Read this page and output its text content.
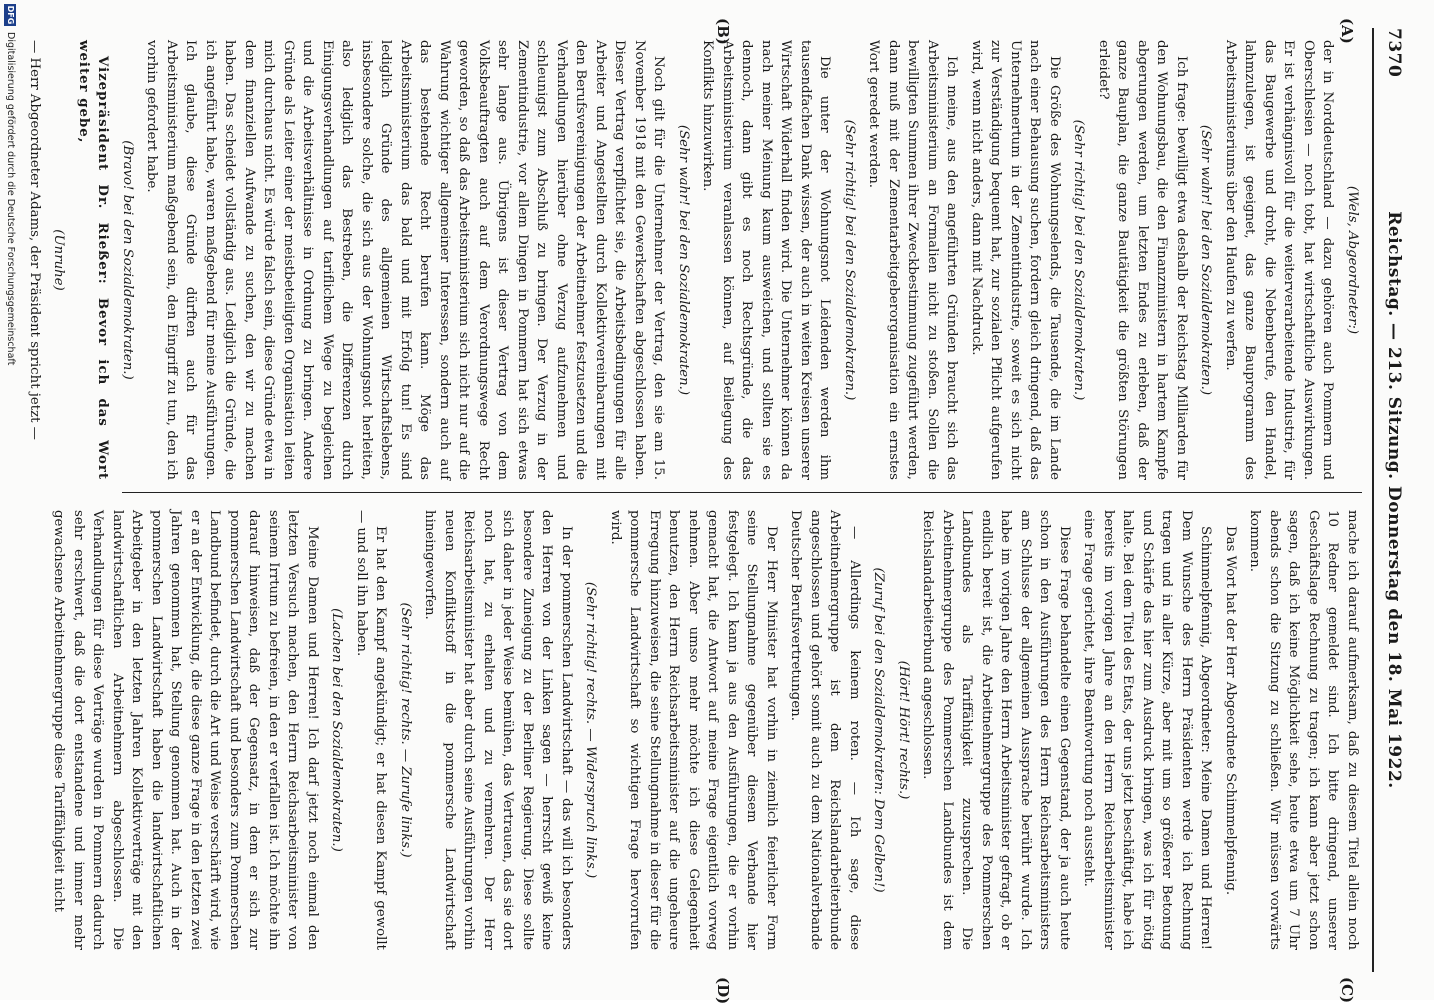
7370
Reichstag. — 213. Sitzung. Donnerstag den 18. Mai 1922.
(A)
(B)
(C)
(D)

(Wels, Abgeordneter:)

der in Norddeutschland — dazu gehören auch Pommern und Oberschlesien — noch tobt, hat wirtschaftliche Auswirkungen. Er ist verhängnisvoll für die weiterverarbeitende Industrie, für das Baugewerbe und droht, die Nebenberufe, den Handel, lahmzulegen, ist geeignet, das ganze Bauprogramm des Arbeitsministeriums über den Haufen zu werfen.

(Sehr wahr! bei den Sozialdemokraten.)

Ich frage: bewilligt etwa deshalb der Reichstag Milliarden für den Wohnungsbau, die den Finanzministern in hartem Kampfe abgerungen werden, um letzten Endes zu erleben, daß der ganze Bauplan, die ganze Bautätigkeit die größten Störungen erleidet?

(Sehr richtig! bei den Sozialdemokraten.)

Die Größe des Wohnungselends, die Tausende, die im Lande nach einer Behausung suchen, fordern gleich dringend, daß das Unternehmertum in der Zementindustrie, soweit es sich nicht zur Verständigung bequemt hat, zur sozialen Pflicht aufgerufen wird, wenn nicht anders, dann mit Nachdruck.

Ich meine, aus den angeführten Gründen braucht sich das Arbeitsministerium an Formalien nicht zu stoßen. Sollen die bewilligten Summen ihrer Zweckbestimmung zugeführt werden, dann muß mit der Zementarbeitgeberorganisation ein ernstes Wort geredet werden.

(Sehr richtig! bei den Sozialdemokraten.)

Die unter der Wohnungsnot Leidenden werden ihm tausendfachen Dank wissen, der auch in weiten Kreisen unserer Wirtschaft Widerhall finden wird. Die Unternehmer können da nach meiner Meinung kaum ausweichen, und sollten sie es dennoch, dann gibt es noch Rechtsgründe, die das Arbeitsministerium veranlassen können, auf Beilegung des Konflikts hinzuwirken.

(Sehr wahr! bei den Sozialdemokraten.)

Noch gilt für die Unternehmer der Vertrag, den sie am 15. November 1918 mit den Gewerkschaften abgeschlossen haben. Dieser Vertrag verpflichtet sie, die Arbeitsbedingungen für alle Arbeiter und Angestellten durch Kollektivvereinbarungen mit den Berufsvereinigungen der Arbeitnehmer festzusetzen und die Verhandlungen hierüber ohne Verzug aufzunehmen und schleunigst zum Abschluß zu bringen. Der Verzug in der Zementindustrie, vor allem Dingen in Pommern hat sich etwas sehr lange aus. Übrigens ist dieser Vertrag von dem Volksbeauftragten auch auf dem Verordnungswege Recht geworden, so daß das Arbeitsministerium sich nicht nur auf die Wahrung wichtiger allgemeiner Interessen, sondern auch auf das bestehende Recht berufen kann. Möge das Arbeitsministerium das bald und mit Erfolg tun! Es sind lediglich Gründe des allgemeinen Wirtschaftslebens, insbesondere solche, die sich aus der Wohnungsnot herleiten, also lediglich das Bestreben, die Differenzen durch Einigungsverhandlungen auf tariflichem Wege zu begleichen und die Arbeitsverhältnisse in Ordnung zu bringen. Andere Gründe als Leiter einer der meistbeteiligten Organisation leiten mich durchaus nicht. Es würde falsch sein, diese Gründe etwa in dem finanziellen Aufwande zu suchen, den wir zu machen haben. Das scheidet vollständig aus. Lediglich die Gründe, die ich angeführt habe, waren maßgebend für meine Ausführungen. Ich glaube, diese Gründe dürften auch für das Arbeitsministerium maßgebend sein, den Eingriff zu tun, den ich vorhin gefordert habe.

(Bravo! bei den Sozialdemokraten.)

Vizepräsident Dr. Rießer: Bevor ich das Wort weiter gebe,

(Unruhe)

— Herr Abgeordneter Adams, der Präsident spricht jetzt —

mache ich darauf aufmerksam, daß zu diesem Titel allein noch 10 Redner gemeldet sind. Ich bitte dringend, unserer Geschäftslage Rechnung zu tragen; ich kann aber jetzt schon sagen, daß ich keine Möglichkeit sehe, heute etwa um 7 Uhr abends schon die Sitzung zu schließen. Wir müssen vorwärts kommen.

Das Wort hat der Herr Abgeordnete Schimmelpfennig.

Schimmelpfennig, Abgeordneter: Meine Damen und Herren! Dem Wunsche des Herrn Präsidenten werde ich Rechnung tragen und in aller Kürze, aber mit um so größerer Betonung und Schärfe das hier zum Ausdruck bringen, was ich für nötig halte. Bei dem Titel des Etats, der uns jetzt beschäftigt, habe ich bereits im vorigen Jahre an den Herrn Reichsarbeitsminister eine Frage gerichtet, ihre Beantwortung noch aussteht.

Diese Frage behandelte einen Gegenstand, der ja auch heute schon in den Ausführungen des Herrn Reichsarbeitsministers am Schlusse der allgemeinen Aussprache berührt wurde. Ich habe im vorigen Jahre den Herrn Arbeitsminister gefragt, ob er endlich bereit ist, die Arbeitnehmergruppe des Pommerschen Landbundes als Tariffähigkeit zuzusprechen. Die Arbeitnehmergruppe des Pommerschen Landbundes ist dem Reichslandarbeiterbund angeschlossen.

(Hört! Hört! rechts.)

(Zuruf bei den Sozialdemokraten: Dem Gelben!)

— Allerdings keinem roten. — Ich sage, diese Arbeitnehmergruppe ist dem Reichslandarbeiterbunde angeschlossen und gehört somit auch zu dem Nationalverbande Deutscher Berufsvertretungen.

Der Herr Minister hat vorhin in ziemlich feierlicher Form seine Stellungnahme gegenüber diesem Verbande hier festgelegt. Ich kann ja aus den Ausführungen, die er vorhin gemacht hat, die Antwort auf meine Frage eigentlich vorweg nehmen. Aber umso mehr möchte ich diese Gelegenheit benutzen, den Herrn Reichsarbeitsminister auf die ungeheure Erregung hinzuweisen, die seine Stellungnahme in dieser für die pommersche Landwirtschaft so wichtigen Frage hervorrufen wird.

(Sehr richtig! rechts. — Widerspruch links.)

In der pommerschen Landwirtschaft — das will ich besonders den Herren von der Linken sagen — herrscht gewiß keine besondere Zuneigung zu der Berliner Regierung. Diese sollte sich daher in jeder Weise bemühen, das Vertrauen, das sie dort noch hat, zu erhalten und zu vermehren. Der Herr Reichsarbeitsminister hat aber durch seine Ausführungen vorhin neuen Konfliktstoff in die pommersche Landwirtschaft hineingeworfen.

(Sehr richtig! rechts. — Zurufe links.)

Er hat den Kampf angekündigt; er hat diesen Kampf gewollt — und soll ihn haben.

(Lachen bei den Sozialdemokraten.)

Meine Damen und Herren! Ich darf jetzt noch einmal den letzten Versuch machen, den Herrn Reichsarbeitsminister von seinem Irrtum zu befreien, in den er verfallen ist. Ich möchte ihn darauf hinweisen, daß der Gegensatz, in dem er sich zur pommerschen Landwirtschaft und besonders zum Pommerschen Landbund befindet, durch die Art und Weise verschärft wird, wie er an der Entwicklung, die diese ganze Frage in den letzten zwei Jahren genommen hat, Stellung genommen hat. Auch in der pommerschen Landwirtschaft haben die landwirtschaftlichen Arbeitgeber in den letzten Jahren Kollektivverträge mit den landwirtschaftlichen Arbeitnehmern abgeschlossen. Die Verhandlungen für diese Verträge wurden in Pommern dadurch sehr erschwert, daß die dort entstandene und immer mehr gewachsene Arbeitnehmergruppe diese Tariffähigkeit nicht

DFG
Digitalisierung gefördert durch die Deutsche Forschungsgemeinschaft
